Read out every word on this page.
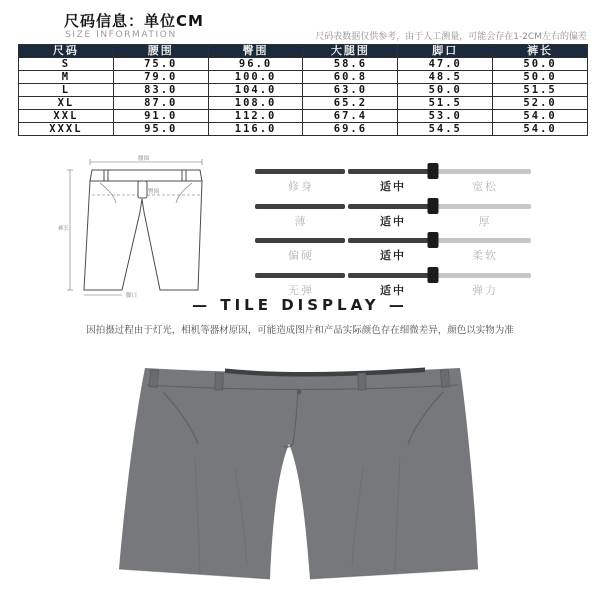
尺码信息：单位CM
SIZE INFORMATION	尺码表数据仅供参考，由于人工测量，可能会存在1-2CM左右的偏差
尺码	腰围	臀围	大腿围	脚口	裤长
S	75.0	96.0	58.6	47.0	50.0
M	79.0	100.0	60.8	48.5	50.0
L	83.0	104.0	63.0	50.0	51.5
XL	87.0	108.0	65.2	51.5	52.0
XXL	91.0	112.0	67.4	53.0	54.0
XXXL	95.0	116.0	69.6	54.5	54.0
腰围
裤长
脚口
臀围	修身	适中	宽松
薄	适中	厚
偏硬	适中	柔软
无弹	适中	弹力
— TILE DISPLAY —
因拍摄过程由于灯光，相机等器材原因，可能造成图片和产品实际颜色存在细微差异，颜色以实物为准
